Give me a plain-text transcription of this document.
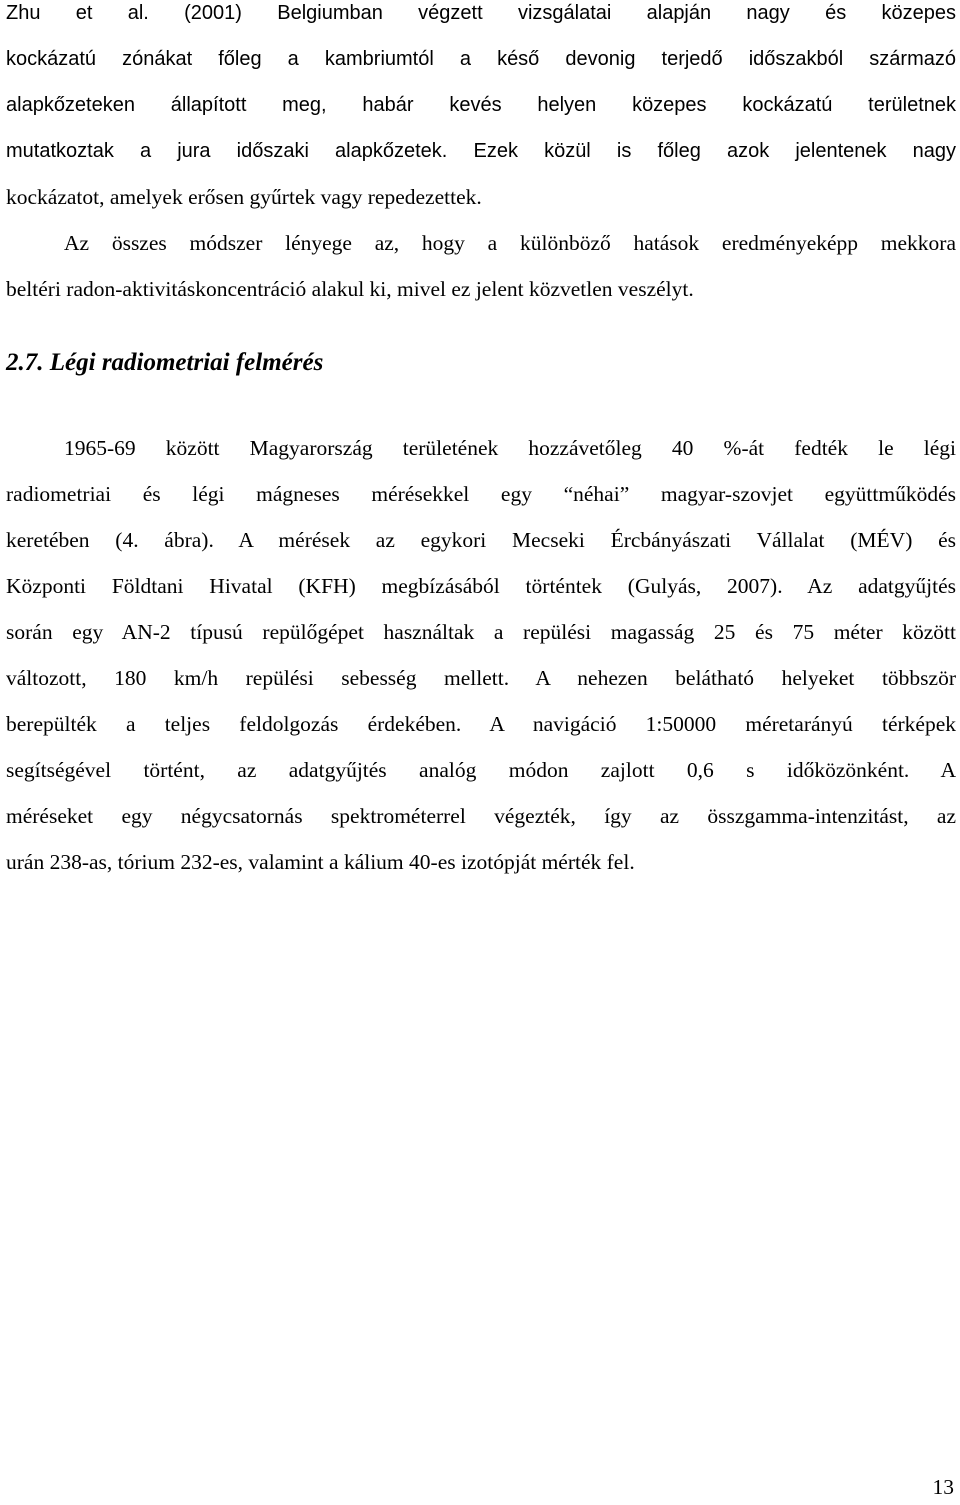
Zhu et al. (2001) Belgiumban végzett vizsgálatai alapján nagy és közepes
kockázatú zónákat főleg a kambriumtól a késő devonig terjedő időszakból származó
alapkőzeteken állapított meg, habár kevés helyen közepes kockázatú területnek
mutatkoztak a jura időszaki alapkőzetek. Ezek közül is főleg azok jelentenek nagy
kockázatot, amelyek erősen gyűrtek vagy repedezettek.
Az összes módszer lényege az, hogy a különböző hatások eredményeképp mekkora
beltéri radon-aktivitáskoncentráció alakul ki, mivel ez jelent közvetlen veszélyt.
2.7. Légi radiometriai felmérés
1965-69 között Magyarország területének hozzávetőleg 40 %-át fedték le légi
radiometriai és légi mágneses mérésekkel egy “néhai” magyar-szovjet együttműködés
keretében (4. ábra). A mérések az egykori Mecseki Ércbányászati Vállalat (MÉV) és
Központi Földtani Hivatal (KFH) megbízásából történtek (Gulyás, 2007). Az adatgyűjtés
során egy AN-2 típusú repülőgépet használtak a repülési magasság 25 és 75 méter között
változott, 180 km/h repülési sebesség mellett. A nehezen belátható helyeket többször
berepülték a teljes feldolgozás érdekében. A navigáció 1:50000 méretarányú térképek
segítségével történt, az adatgyűjtés analóg módon zajlott 0,6 s időközönként. A
méréseket egy négycsatornás spektrométerrel végezték, így az összgamma-intenzitást, az
urán 238-as, tórium 232-es, valamint a kálium 40-es izotópját mérték fel.
13
